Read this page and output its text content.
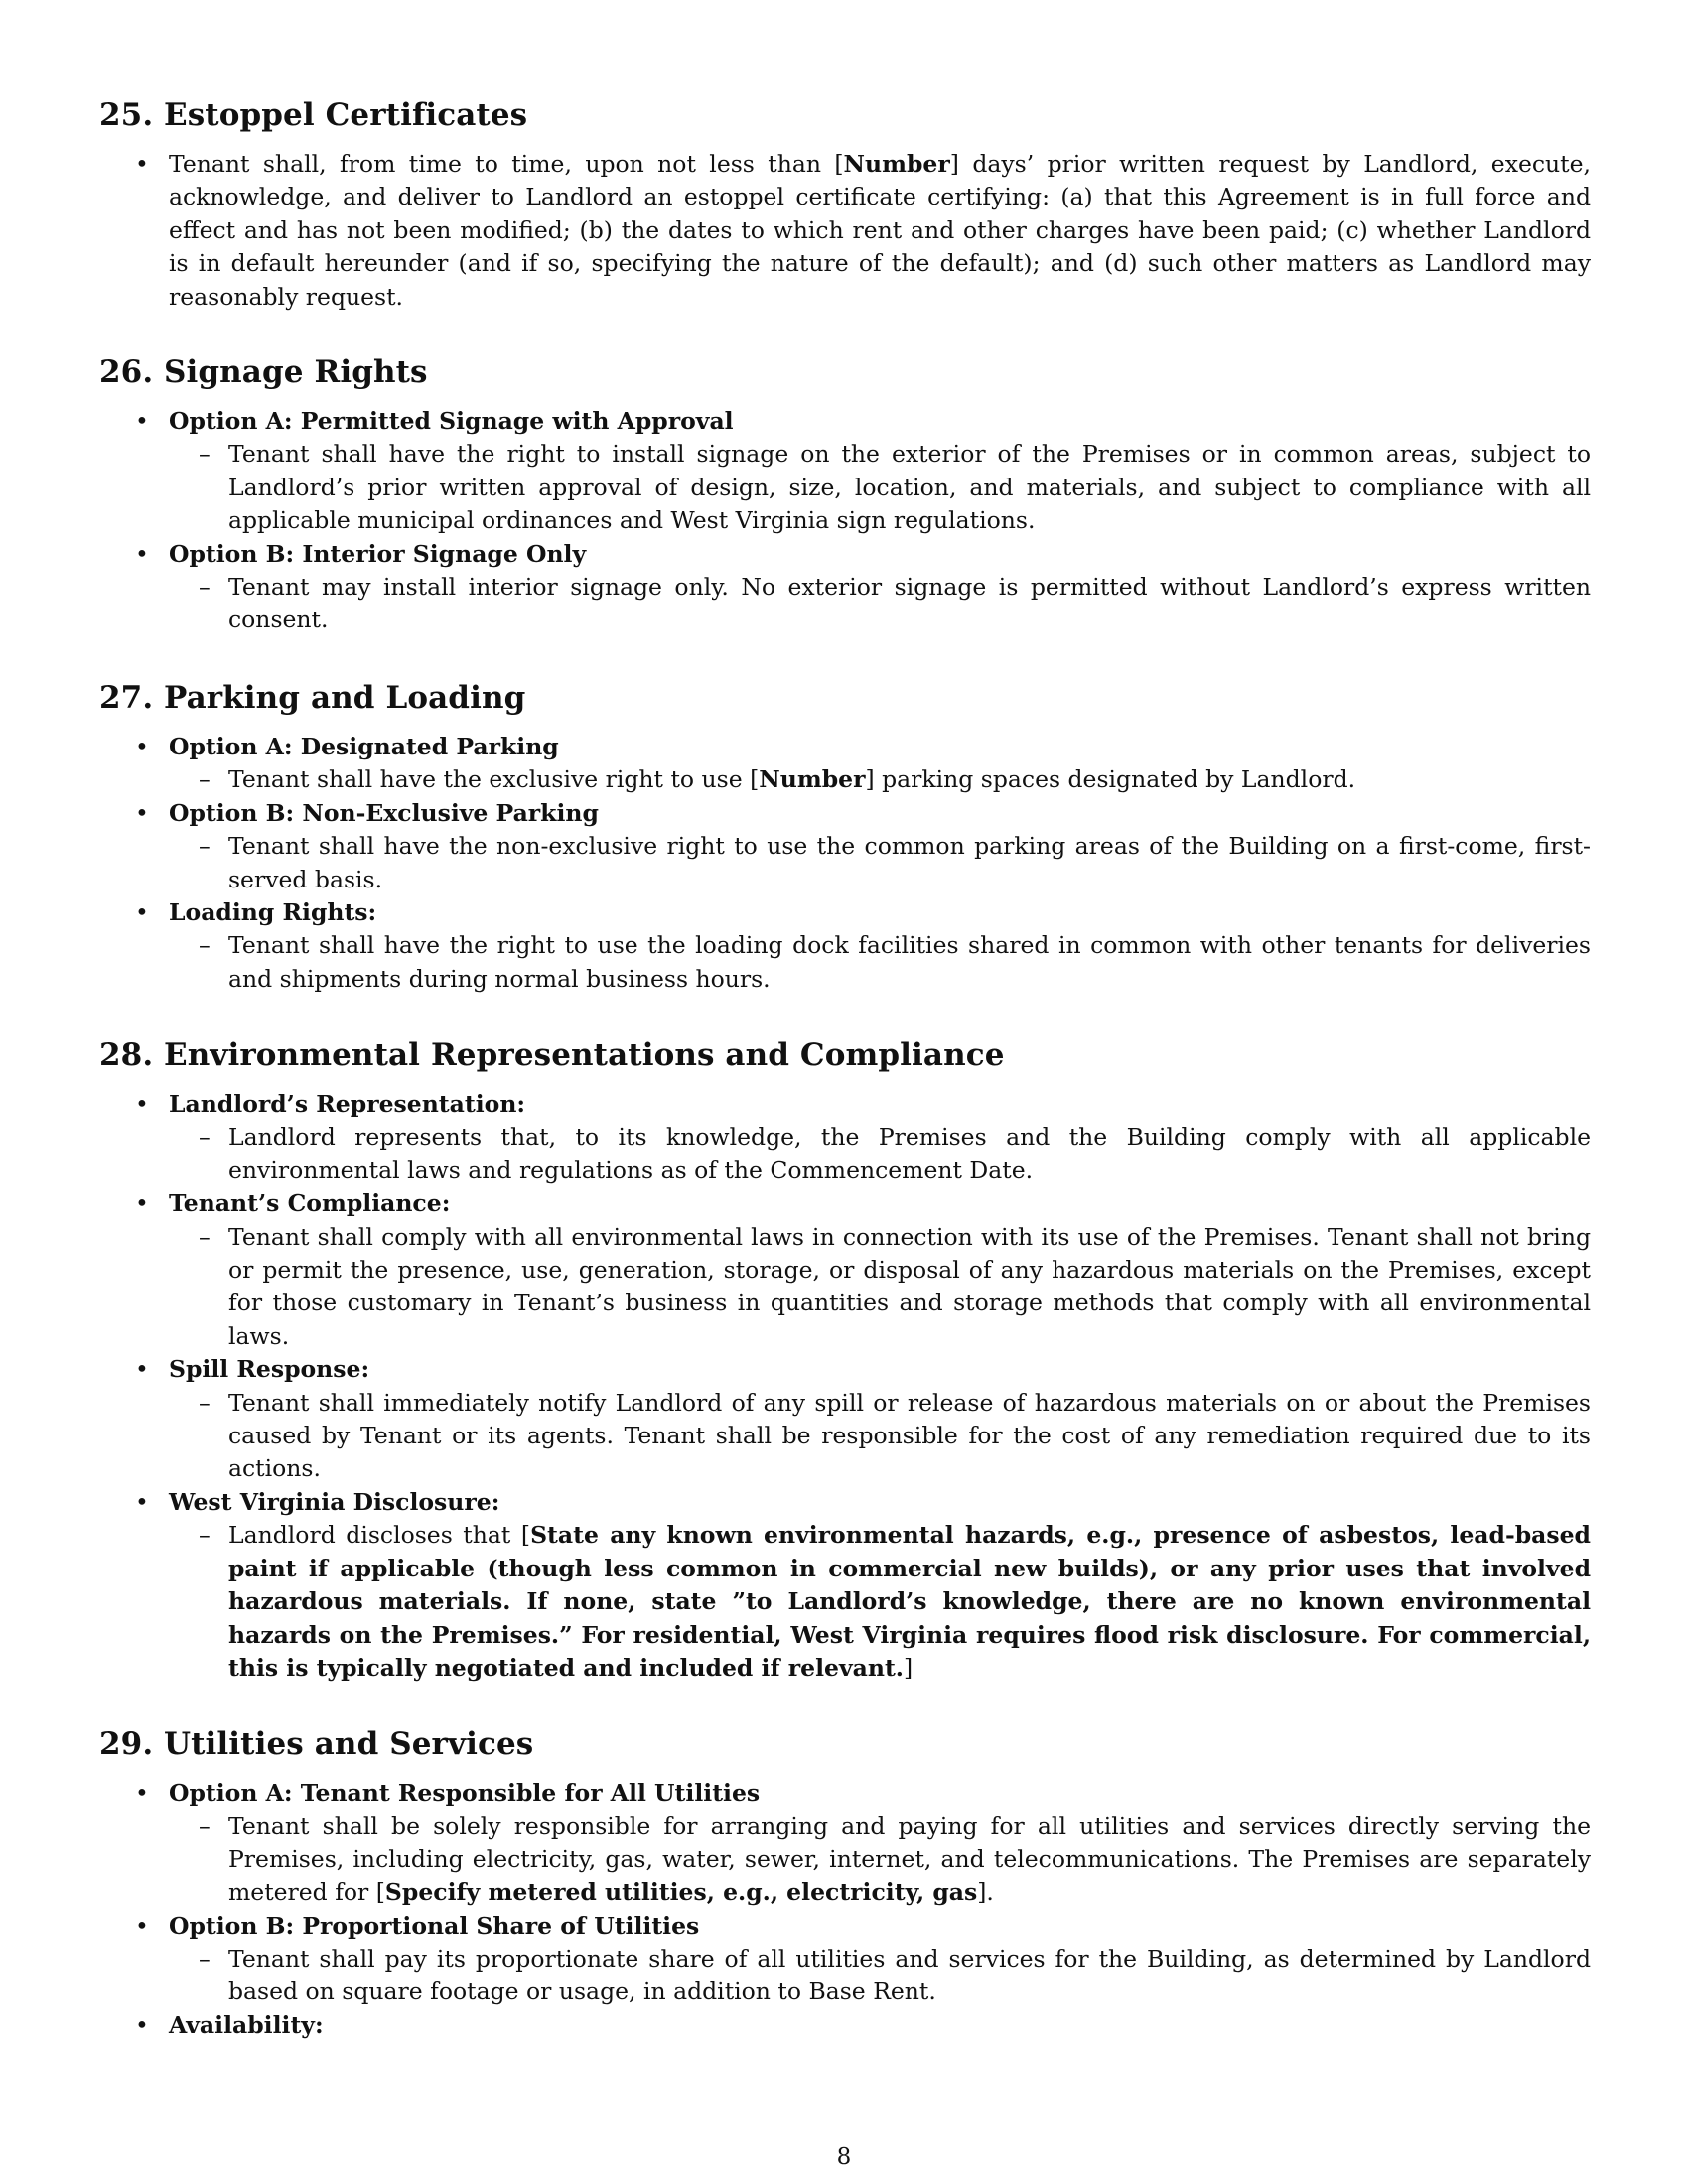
25. Estoppel Certificates
• Tenant shall, from time to time, upon not less than [Number] days’ prior written request by Landlord, execute, acknowledge, and deliver to Landlord an estoppel certificate certifying: (a) that this Agreement is in full force and effect and has not been modified; (b) the dates to which rent and other charges have been paid; (c) whether Landlord is in default hereunder (and if so, specifying the nature of the default); and (d) such other matters as Landlord may reasonably request.
26. Signage Rights
• Option A: Permitted Signage with Approval
– Tenant shall have the right to install signage on the exterior of the Premises or in common areas, subject to Landlord’s prior written approval of design, size, location, and materials, and subject to compliance with all applicable municipal ordinances and West Virginia sign regulations.
• Option B: Interior Signage Only
– Tenant may install interior signage only. No exterior signage is permitted without Landlord’s express written consent.
27. Parking and Loading
• Option A: Designated Parking
– Tenant shall have the exclusive right to use [Number] parking spaces designated by Landlord.
• Option B: Non-Exclusive Parking
– Tenant shall have the non-exclusive right to use the common parking areas of the Building on a first-come, first-served basis.
• Loading Rights:
– Tenant shall have the right to use the loading dock facilities shared in common with other tenants for deliveries and shipments during normal business hours.
28. Environmental Representations and Compliance
• Landlord’s Representation:
– Landlord represents that, to its knowledge, the Premises and the Building comply with all applicable environmental laws and regulations as of the Commencement Date.
• Tenant’s Compliance:
– Tenant shall comply with all environmental laws in connection with its use of the Premises. Tenant shall not bring or permit the presence, use, generation, storage, or disposal of any hazardous materials on the Premises, except for those customary in Tenant’s business in quantities and storage methods that comply with all environmental laws.
• Spill Response:
– Tenant shall immediately notify Landlord of any spill or release of hazardous materials on or about the Premises caused by Tenant or its agents. Tenant shall be responsible for the cost of any remediation required due to its actions.
• West Virginia Disclosure:
– Landlord discloses that [State any known environmental hazards, e.g., presence of asbestos, lead-based paint if applicable (though less common in commercial new builds), or any prior uses that involved hazardous materials. If none, state ”to Landlord’s knowledge, there are no known environmental hazards on the Premises.” For residential, West Virginia requires flood risk disclosure. For commercial, this is typically negotiated and included if relevant.]
29. Utilities and Services
• Option A: Tenant Responsible for All Utilities
– Tenant shall be solely responsible for arranging and paying for all utilities and services directly serving the Premises, including electricity, gas, water, sewer, internet, and telecommunications. The Premises are separately metered for [Specify metered utilities, e.g., electricity, gas].
• Option B: Proportional Share of Utilities
– Tenant shall pay its proportionate share of all utilities and services for the Building, as determined by Landlord based on square footage or usage, in addition to Base Rent.
• Availability:
8
